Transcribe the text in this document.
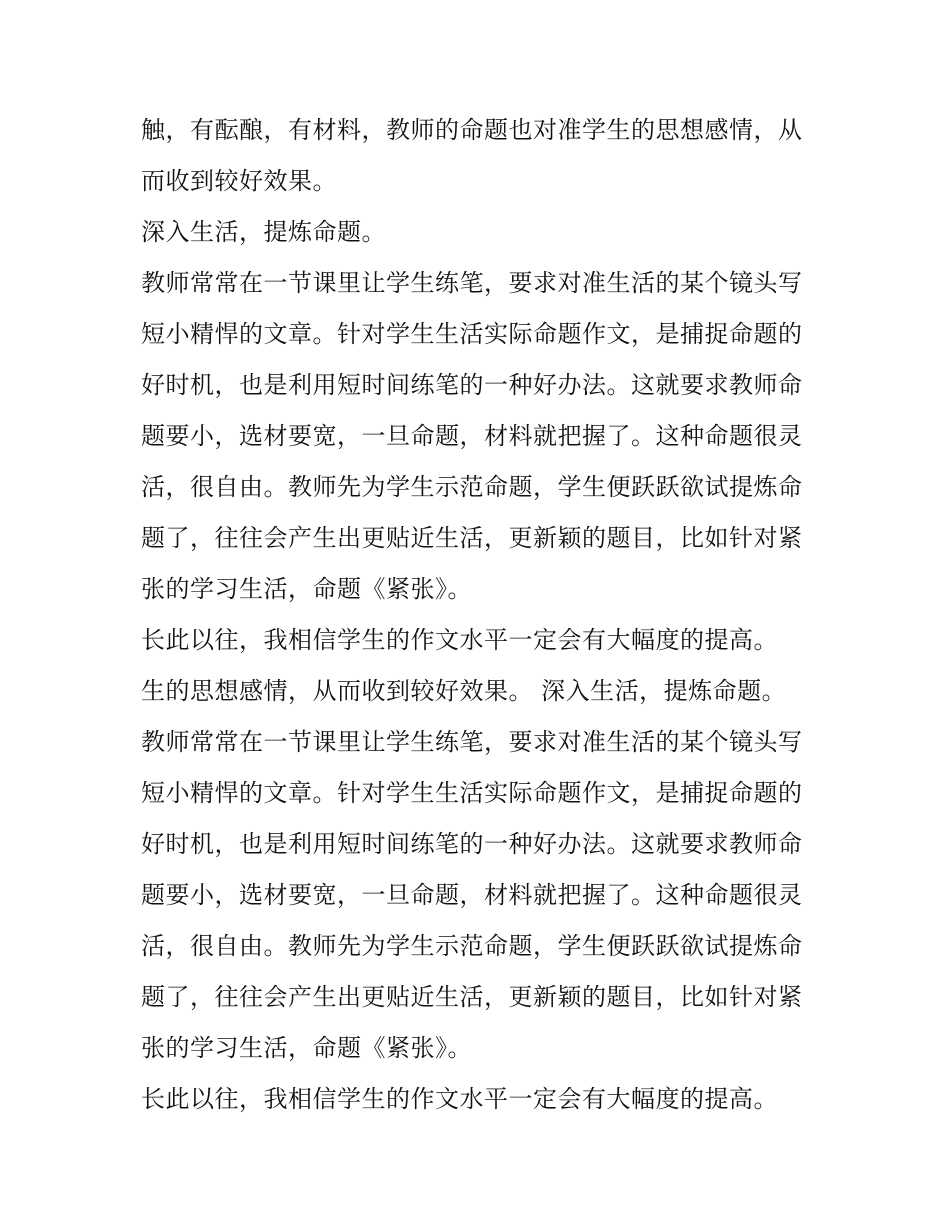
触，有酝酿，有材料，教师的命题也对准学生的思想感情，从
而收到较好效果。
深入生活，提炼命题。
教师常常在一节课里让学生练笔，要求对准生活的某个镜头写
短小精悍的文章。针对学生生活实际命题作文，是捕捉命题的
好时机，也是利用短时间练笔的一种好办法。这就要求教师命
题要小，选材要宽，一旦命题，材料就把握了。这种命题很灵
活，很自由。教师先为学生示范命题，学生便跃跃欲试提炼命
题了，往往会产生出更贴近生活，更新颖的题目，比如针对紧
张的学习生活，命题《紧张》。
长此以往，我相信学生的作文水平一定会有大幅度的提高。
生的思想感情，从而收到较好效果。 深入生活，提炼命题。
教师常常在一节课里让学生练笔，要求对准生活的某个镜头写
短小精悍的文章。针对学生生活实际命题作文，是捕捉命题的
好时机，也是利用短时间练笔的一种好办法。这就要求教师命
题要小，选材要宽，一旦命题，材料就把握了。这种命题很灵
活，很自由。教师先为学生示范命题，学生便跃跃欲试提炼命
题了，往往会产生出更贴近生活，更新颖的题目，比如针对紧
张的学习生活，命题《紧张》。
长此以往，我相信学生的作文水平一定会有大幅度的提高。
